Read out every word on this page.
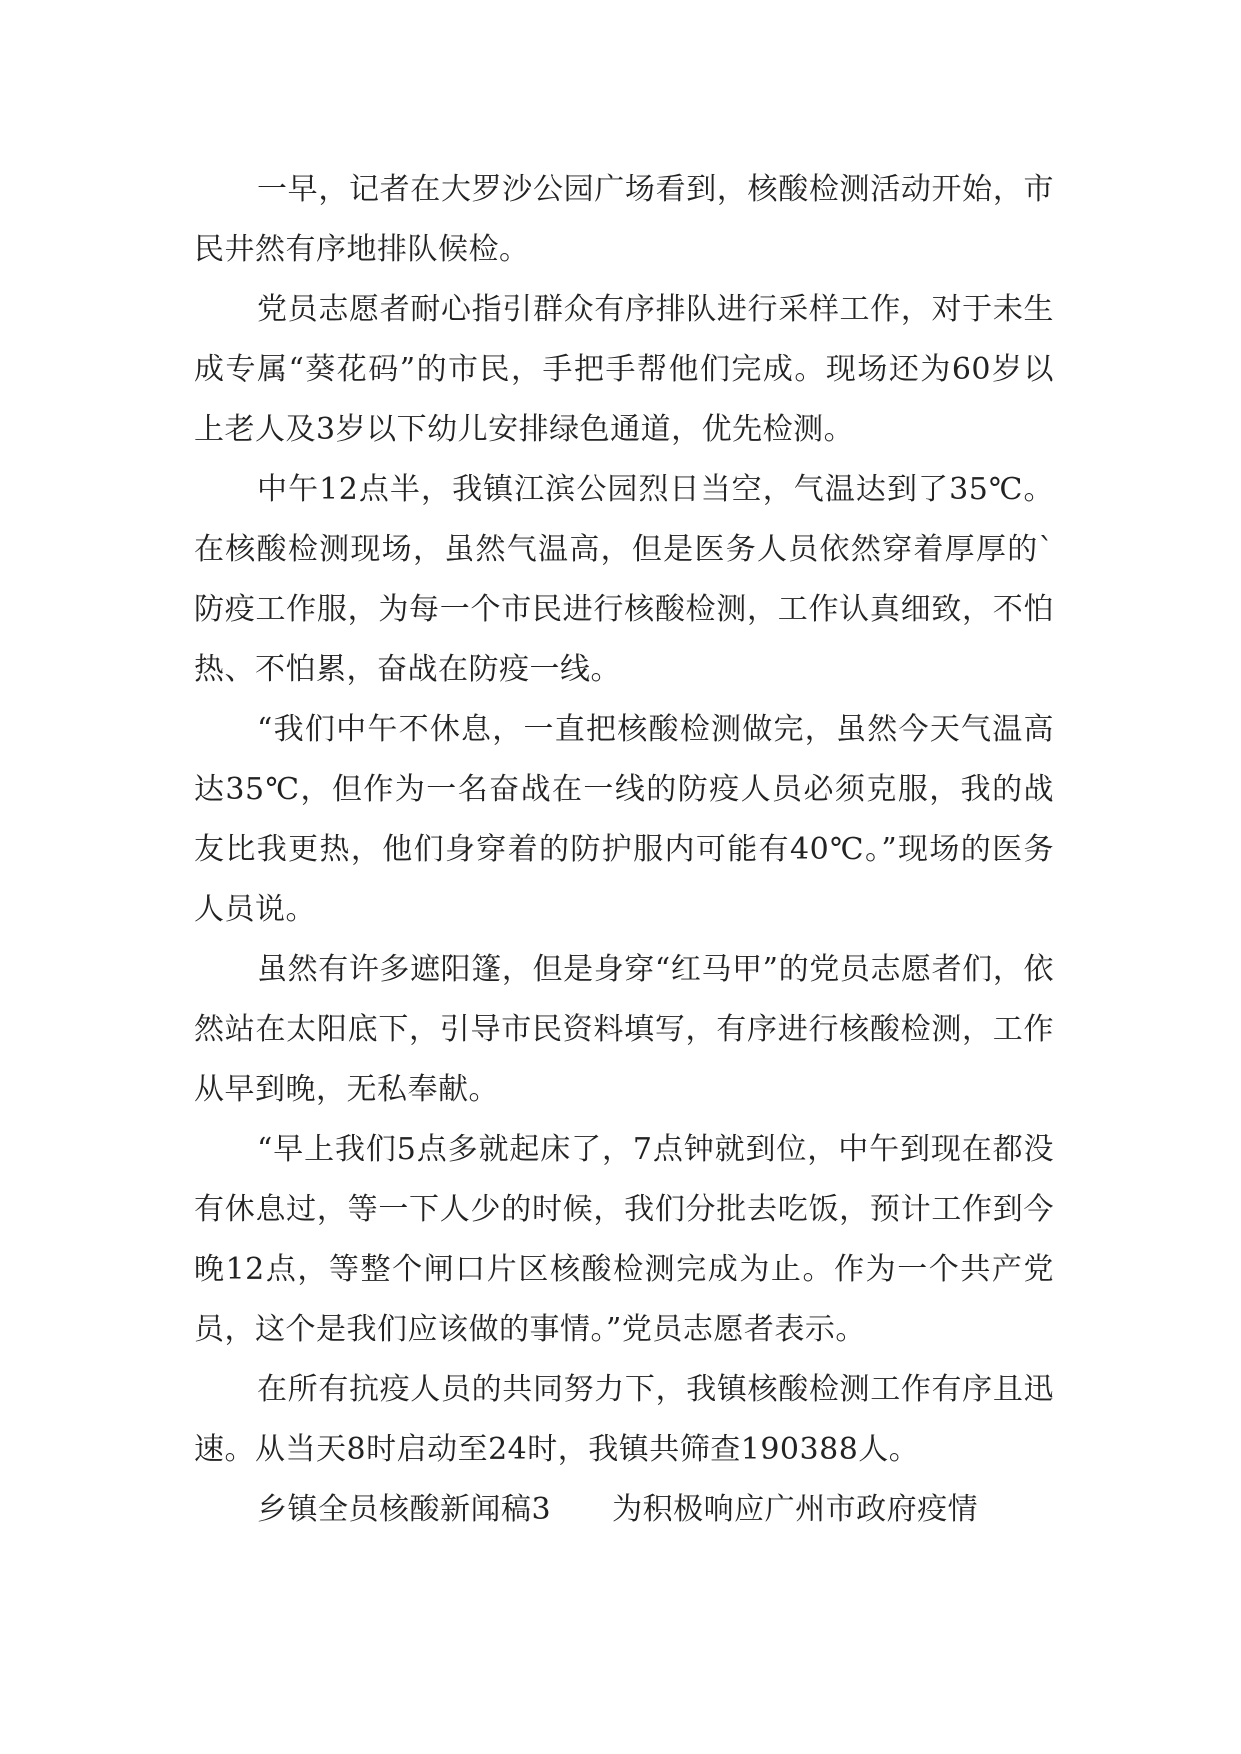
一早，记者在大罗沙公园广场看到，核酸检测活动开始，市民井然有序地排队候检。

党员志愿者耐心指引群众有序排队进行采样工作，对于未生成专属“葵花码”的市民，手把手帮他们完成。现场还为60岁以上老人及3岁以下幼儿安排绿色通道，优先检测。

中午12点半，我镇江滨公园烈日当空，气温达到了35℃。在核酸检测现场，虽然气温高，但是医务人员依然穿着厚厚的`防疫工作服，为每一个市民进行核酸检测，工作认真细致，不怕热、不怕累，奋战在防疫一线。

“我们中午不休息，一直把核酸检测做完，虽然今天气温高达35℃，但作为一名奋战在一线的防疫人员必须克服，我的战友比我更热，他们身穿着的防护服内可能有40℃。”现场的医务人员说。

虽然有许多遮阳篷，但是身穿“红马甲”的党员志愿者们，依然站在太阳底下，引导市民资料填写，有序进行核酸检测，工作从早到晚，无私奉献。

“早上我们5点多就起床了，7点钟就到位，中午到现在都没有休息过，等一下人少的时候，我们分批去吃饭，预计工作到今晚12点，等整个闸口片区核酸检测完成为止。作为一个共产党员，这个是我们应该做的事情。”党员志愿者表示。

在所有抗疫人员的共同努力下，我镇核酸检测工作有序且迅速。从当天8时启动至24时，我镇共筛查190388人。

乡镇全员核酸新闻稿3　　为积极响应广州市政府疫情
